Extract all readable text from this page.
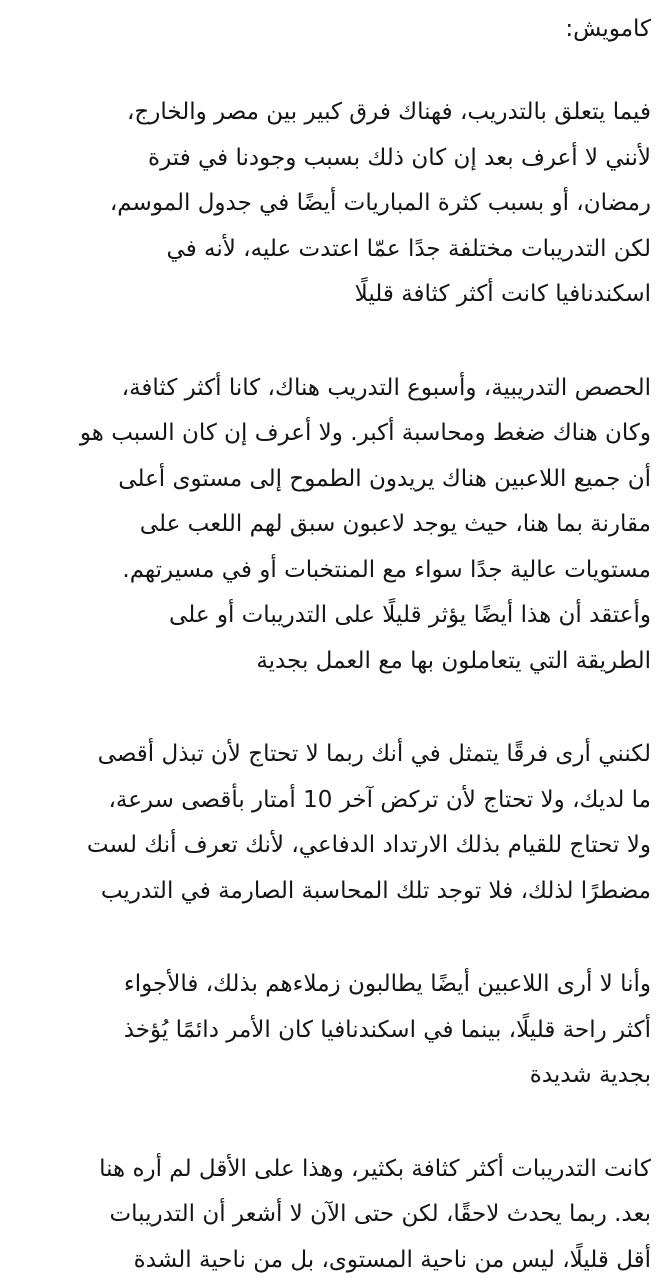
كامويش:
فيما يتعلق بالتدريب، فهناك فرق كبير بين مصر والخارج،
لأنني لا أعرف بعد إن كان ذلك بسبب وجودنا في فترة
رمضان، أو بسبب كثرة المباريات أيضًا في جدول الموسم،
لكن التدريبات مختلفة جدًا عمّا اعتدت عليه، لأنه في
اسكندنافيا كانت أكثر كثافة قليلًا
الحصص التدريبية، وأسبوع التدريب هناك، كانا أكثر كثافة،
وكان هناك ضغط ومحاسبة أكبر. ولا أعرف إن كان السبب هو
أن جميع اللاعبين هناك يريدون الطموح إلى مستوى أعلى
مقارنة بما هنا، حيث يوجد لاعبون سبق لهم اللعب على
مستويات عالية جدًا سواء مع المنتخبات أو في مسيرتهم.
وأعتقد أن هذا أيضًا يؤثر قليلًا على التدريبات أو على
الطريقة التي يتعاملون بها مع العمل بجدية
لكنني أرى فرقًا يتمثل في أنك ربما لا تحتاج لأن تبذل أقصى
ما لديك، ولا تحتاج لأن تركض آخر 10 أمتار بأقصى سرعة،
ولا تحتاج للقيام بذلك الارتداد الدفاعي، لأنك تعرف أنك لست
مضطرًا لذلك، فلا توجد تلك المحاسبة الصارمة في التدريب
وأنا لا أرى اللاعبين أيضًا يطالبون زملاءهم بذلك، فالأجواء
أكثر راحة قليلًا، بينما في اسكندنافيا كان الأمر دائمًا يُؤخذ
بجدية شديدة
كانت التدريبات أكثر كثافة بكثير، وهذا على الأقل لم أره هنا
بعد. ربما يحدث لاحقًا، لكن حتى الآن لا أشعر أن التدريبات
أقل قليلًا، ليس من ناحية المستوى، بل من ناحية الشدة
